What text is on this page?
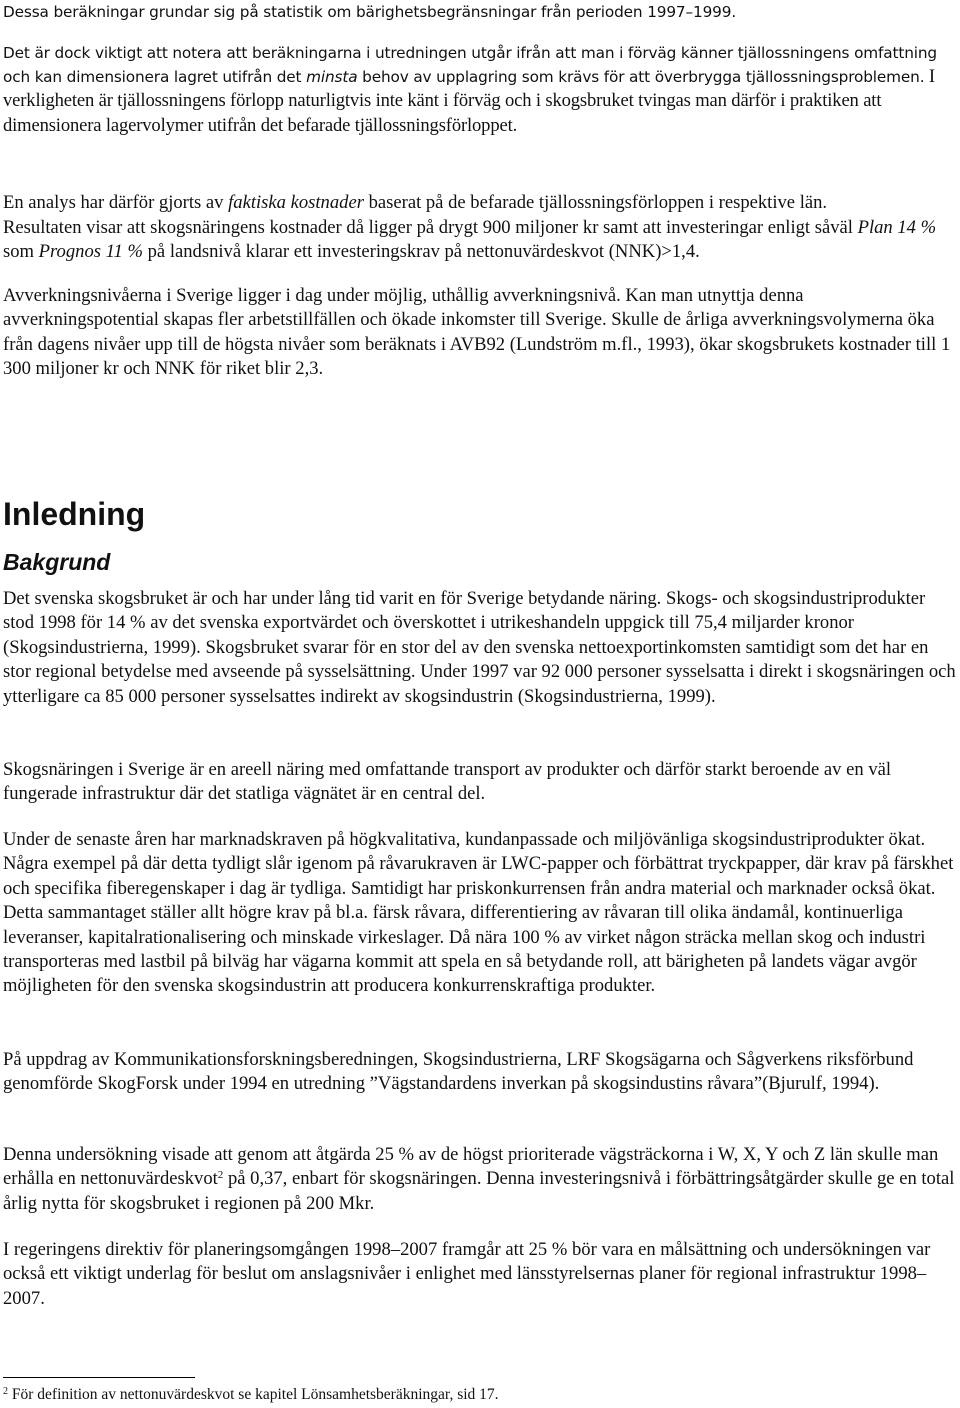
Dessa beräkningar grundar sig på statistik om bärighetsbegränsningar från perioden 1997–1999.

Det är dock viktigt att notera att beräkningarna i utredningen utgår ifrån att man i förväg känner tjällossningens omfattning och kan dimensionera lagret utifrån det minsta behov av upplagring som krävs för att överbrygga tjällossningsproblemen. I verkligheten är tjällossningens förlopp naturligtvis inte känt i förväg och i skogsbruket tvingas man därför i praktiken att dimensionera lagervolymer utifrån det befarade tjällossningsförloppet.

En analys har därför gjorts av faktiska kostnader baserat på de befarade tjällossningsförloppen i respektive län.

Resultaten visar att skogsnäringens kostnader då ligger på drygt 900 miljoner kr samt att investeringar enligt såväl Plan 14 % som Prognos 11 % på landsnivå klarar ett investeringskrav på nettonuvärdeskvot (NNK)>1,4.

Avverkningsnivåerna i Sverige ligger i dag under möjlig, uthållig avverkningsnivå. Kan man utnyttja denna avverkningspotential skapas fler arbetstillfällen och ökade inkomster till Sverige. Skulle de årliga avverkningsvolymerna öka från dagens nivåer upp till de högsta nivåer som beräknats i AVB92 (Lundström m.fl., 1993), ökar skogsbrukets kostnader till 1 300 miljoner kr och NNK för riket blir 2,3.

Inledning
Bakgrund

Det svenska skogsbruket är och har under lång tid varit en för Sverige betydande näring. Skogs- och skogsindustriprodukter stod 1998 för 14 % av det svenska exportvärdet och överskottet i utrikeshandeln uppgick till 75,4 miljarder kronor (Skogsindustrierna, 1999). Skogsbruket svarar för en stor del av den svenska nettoexportinkomsten samtidigt som det har en stor regional betydelse med avseende på sysselsättning. Under 1997 var 92 000 personer sysselsatta i direkt i skogsnäringen och ytterligare ca 85 000 personer sysselsattes indirekt av skogsindustrin (Skogsindustrierna, 1999).

Skogsnäringen i Sverige är en areell näring med omfattande transport av produkter och därför starkt beroende av en väl fungerade infrastruktur där det statliga vägnätet är en central del.

Under de senaste åren har marknadskraven på högkvalitativa, kundanpassade och miljövänliga skogsindustriprodukter ökat. Några exempel på där detta tydligt slår igenom på råvarukraven är LWC-papper och förbättrat tryckpapper, där krav på färskhet och specifika fiberegenskaper i dag är tydliga. Samtidigt har priskonkurrensen från andra material och marknader också ökat. Detta sammantaget ställer allt högre krav på bl.a. färsk råvara, differentiering av råvaran till olika ändamål, kontinuerliga leveranser, kapitalrationalisering och minskade virkeslager. Då nära 100 % av virket någon sträcka mellan skog och industri transporteras med lastbil på bilväg har vägarna kommit att spela en så betydande roll, att bärigheten på landets vägar avgör möjligheten för den svenska skogsindustrin att producera konkurrenskraftiga produkter.

På uppdrag av Kommunikationsforskningsberedningen, Skogsindustrierna, LRF Skogsägarna och Sågverkens riksförbund genomförde SkogForsk under 1994 en utredning ”Vägstandardens inverkan på skogsindustins råvara”(Bjurulf, 1994).

Denna undersökning visade att genom att åtgärda 25 % av de högst prioriterade vägsträckorna i W, X, Y och Z län skulle man erhålla en nettonuvärdeskvot$^2$ på 0,37, enbart för skogsnäringen. Denna investeringsnivå i förbättringsåtgärder skulle ge en total årlig nytta för skogsbruket i regionen på 200 Mkr.

I regeringens direktiv för planeringsomgången 1998–2007 framgår att 25 % bör vara en målsättning och undersökningen var också ett viktigt underlag för beslut om anslagsnivåer i enlighet med länsstyrelsernas planer för regional infrastruktur 1998–2007.

$^2$ För definition av nettonuvärdeskvot se kapitel Lönsamhetsberäkningar, sid 17.
